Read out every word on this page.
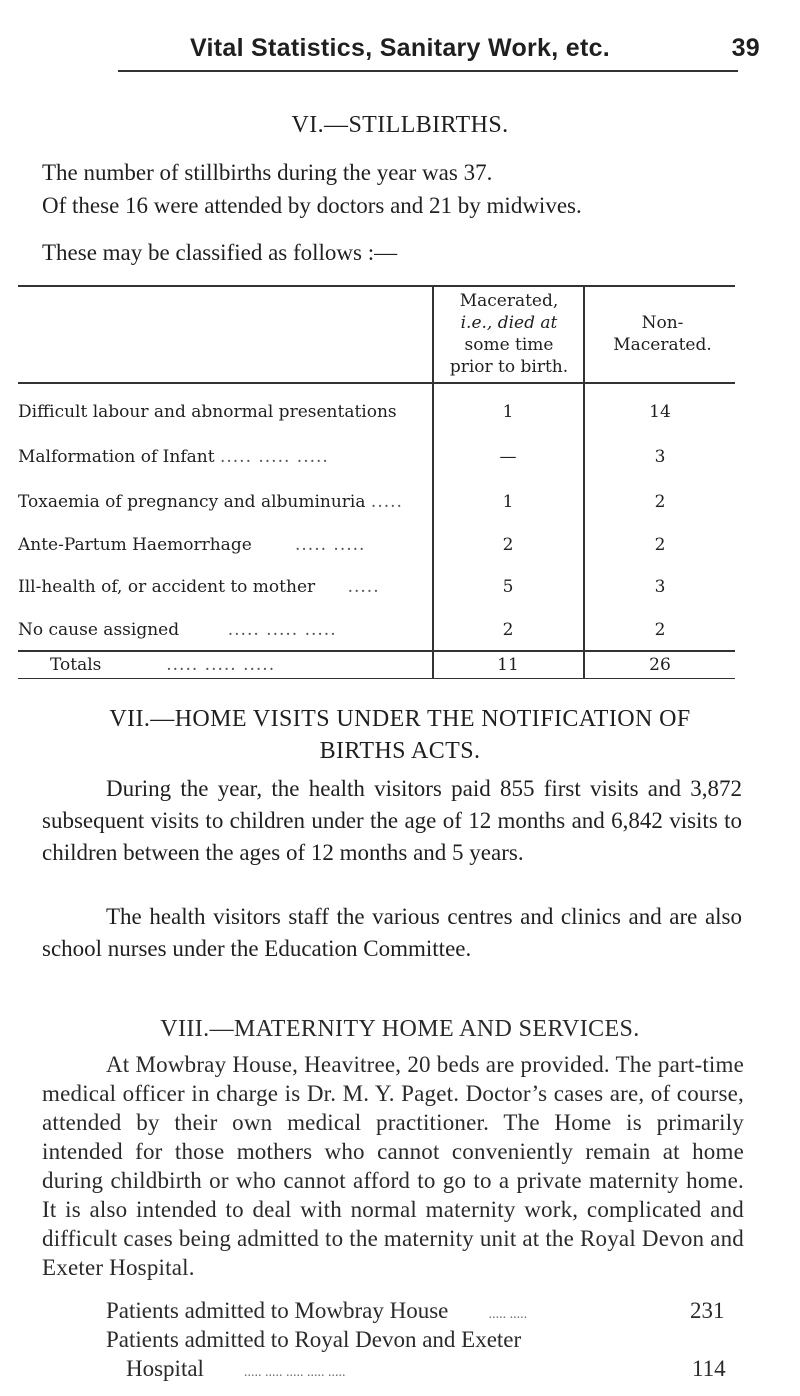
Vital Statistics, Sanitary Work, etc.	39
VI.—STILLBIRTHS.
The number of stillbirths during the year was 37.
Of these 16 were attended by doctors and 21 by midwives.
These may be classified as follows :—
Macerated,
i.e., died at
some time
prior to birth.
Non-
Macerated.
Difficult labour and abnormal presentations	1	14
Malformation of Infant ..... ..... .....	—	3
Toxaemia of pregnancy and albuminuria .....	1	2
Ante-Partum Haemorrhage	..... .....	2	2
Ill-health of, or accident to mother .....	5	3
No cause assigned	..... ..... .....	2	2
Totals	..... ..... .....	11	26
VII.—HOME VISITS UNDER THE NOTIFICATION OF
BIRTHS ACTS.
During the year, the health visitors paid 855 first visits and 3,872 subsequent visits to children under the age of 12 months and 6,842 visits to children between the ages of 12 months and 5 years.
The health visitors staff the various centres and clinics and are also school nurses under the Education Committee.
VIII.—MATERNITY HOME AND SERVICES.
At Mowbray House, Heavitree, 20 beds are provided. The part-time medical officer in charge is Dr. M. Y. Paget. Doctor’s cases are, of course, attended by their own medical practitioner. The Home is primarily intended for those mothers who cannot conveniently remain at home during childbirth or who cannot afford to go to a private maternity home. It is also intended to deal with normal maternity work, complicated and difficult cases being admitted to the maternity unit at the Royal Devon and Exeter Hospital.
Patients admitted to Mowbray House	..... .....	231
Patients admitted to Royal Devon and Exeter
Hospital	..... ..... ..... ..... .....	114
